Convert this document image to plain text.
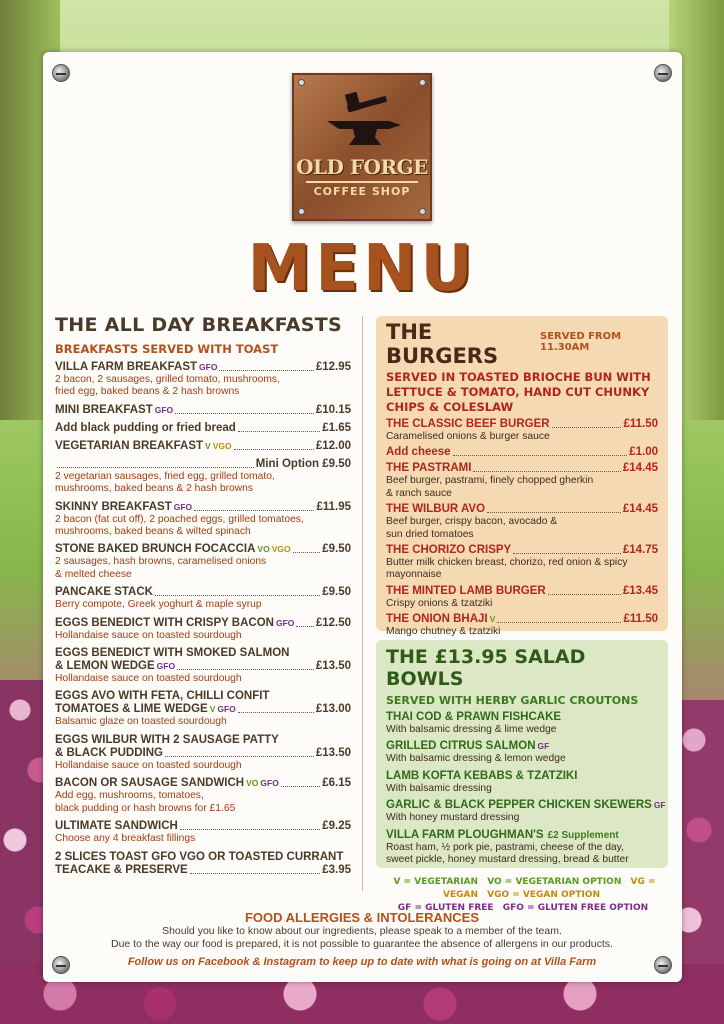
OLD FORGE
COFFEE SHOP
MENU
THE ALL DAY BREAKFASTS
BREAKFASTS SERVED WITH TOAST
VILLA FARM BREAKFAST GFO	£12.95
2 bacon, 2 sausages, grilled tomato, mushrooms,
fried egg, baked beans & 2 hash browns
MINI BREAKFAST GFO	£10.15
Add black pudding or fried bread	£1.65
VEGETARIAN BREAKFAST V VGO	£12.00
Mini Option £9.50
2 vegetarian sausages, fried egg, grilled tomato,
mushrooms, baked beans & 2 hash browns
SKINNY BREAKFAST GFO	£11.95
2 bacon (fat cut off), 2 poached eggs, grilled tomatoes,
mushrooms, baked beans & wilted spinach
STONE BAKED BRUNCH FOCACCIA VO VGO	£9.50
2 sausages, hash browns, caramelised onions
& melted cheese
PANCAKE STACK	£9.50
Berry compote, Greek yoghurt & maple syrup
EGGS BENEDICT WITH CRISPY BACON GFO £12.50
Hollandaise sauce on toasted sourdough
EGGS BENEDICT WITH SMOKED SALMON
& LEMON WEDGE GFO	£13.50
Hollandaise sauce on toasted sourdough
EGGS AVO WITH FETA, CHILLI CONFIT
TOMATOES & LIME WEDGE V GFO	£13.00
Balsamic glaze on toasted sourdough
EGGS WILBUR WITH 2 SAUSAGE PATTY
& BLACK PUDDING	£13.50
Hollandaise sauce on toasted sourdough
BACON OR SAUSAGE SANDWICH VO GFO	£6.15
Add egg, mushrooms, tomatoes,
black pudding or hash browns for £1.65
ULTIMATE SANDWICH	£9.25
Choose any 4 breakfast fillings
2 SLICES TOAST GFO VGO OR TOASTED CURRANT
TEACAKE & PRESERVE	£3.95
THE BURGERS
SERVED FROM 11.30AM
SERVED IN TOASTED BRIOCHE BUN WITH LETTUCE & TOMATO, HAND CUT CHUNKY CHIPS & COLESLAW
THE CLASSIC BEEF BURGER	£11.50
Caramelised onions & burger sauce
Add cheese	£1.00
THE PASTRAMI	£14.45
Beef burger, pastrami, finely chopped gherkin
& ranch sauce
THE WILBUR AVO	£14.45
Beef burger, crispy bacon, avocado &
sun dried tomatoes
THE CHORIZO CRISPY	£14.75
Butter milk chicken breast, chorizo, red onion & spicy
mayonnaise
THE MINTED LAMB BURGER	£13.45
Crispy onions & tzatziki
THE ONION BHAJI V	£11.50
Mango chutney & tzatziki
THE £13.95 SALAD BOWLS
SERVED WITH HERBY GARLIC CROUTONS
THAI COD & PRAWN FISHCAKE
With balsamic dressing & lime wedge
GRILLED CITRUS SALMON GF
With balsamic dressing & lemon wedge
LAMB KOFTA KEBABS & TZATZIKI
With balsamic dressing
GARLIC & BLACK PEPPER CHICKEN SKEWERS GF
With honey mustard dressing
VILLA FARM PLOUGHMAN'S £2 Supplement
Roast ham, ½ pork pie, pastrami, cheese of the day,
sweet pickle, honey mustard dressing, bread & butter
V = VEGETARIAN VO = VEGETARIAN OPTION VG = VEGAN VGO = VEGAN OPTION
GF = GLUTEN FREE GFO = GLUTEN FREE OPTION
FOOD ALLERGIES & INTOLERANCES
Should you like to know about our ingredients, please speak to a member of the team.
Due to the way our food is prepared, it is not possible to guarantee the absence of allergens in our products.
Follow us on Facebook & Instagram to keep up to date with what is going on at Villa Farm
